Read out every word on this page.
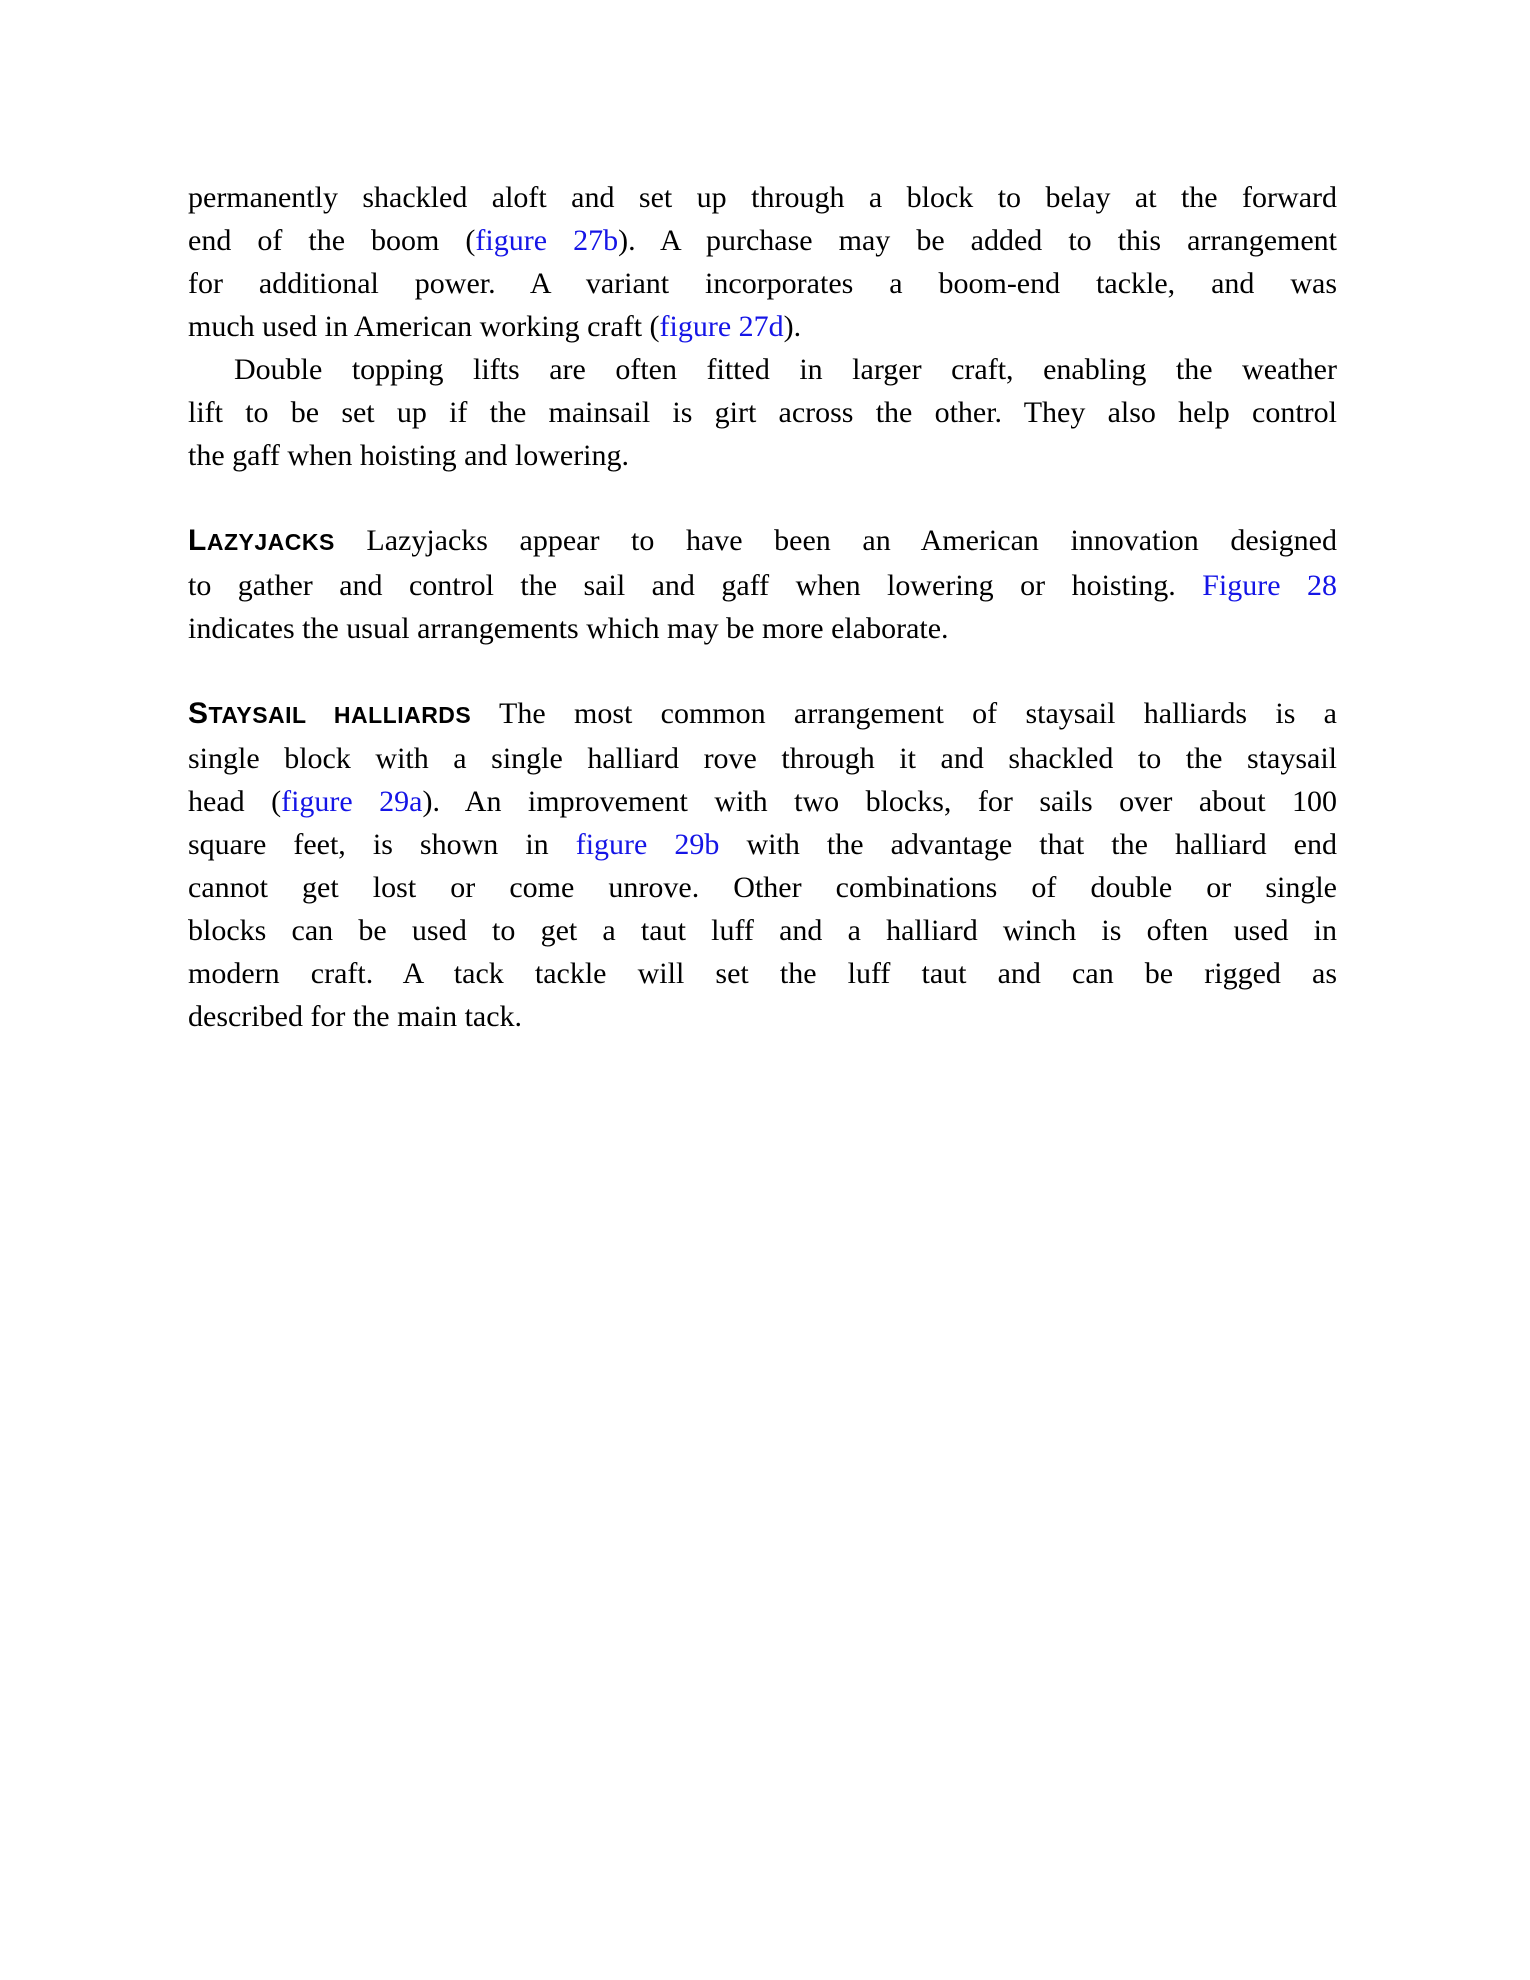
permanently shackled aloft and set up through a block to belay at the forward
end of the boom (figure 27b). A purchase may be added to this arrangement
for additional power. A variant incorporates a boom-end tackle, and was
much used in American working craft (figure 27d).
Double topping lifts are often fitted in larger craft, enabling the weather
lift to be set up if the mainsail is girt across the other. They also help control
the gaff when hoisting and lowering.
LAZYJACKS Lazyjacks appear to have been an American innovation designed
to gather and control the sail and gaff when lowering or hoisting. Figure 28
indicates the usual arrangements which may be more elaborate.
STAYSAIL HALLIARDS The most common arrangement of staysail halliards is a
single block with a single halliard rove through it and shackled to the staysail
head (figure 29a). An improvement with two blocks, for sails over about 100
square feet, is shown in figure 29b with the advantage that the halliard end
cannot get lost or come unrove. Other combinations of double or single
blocks can be used to get a taut luff and a halliard winch is often used in
modern craft. A tack tackle will set the luff taut and can be rigged as
described for the main tack.
